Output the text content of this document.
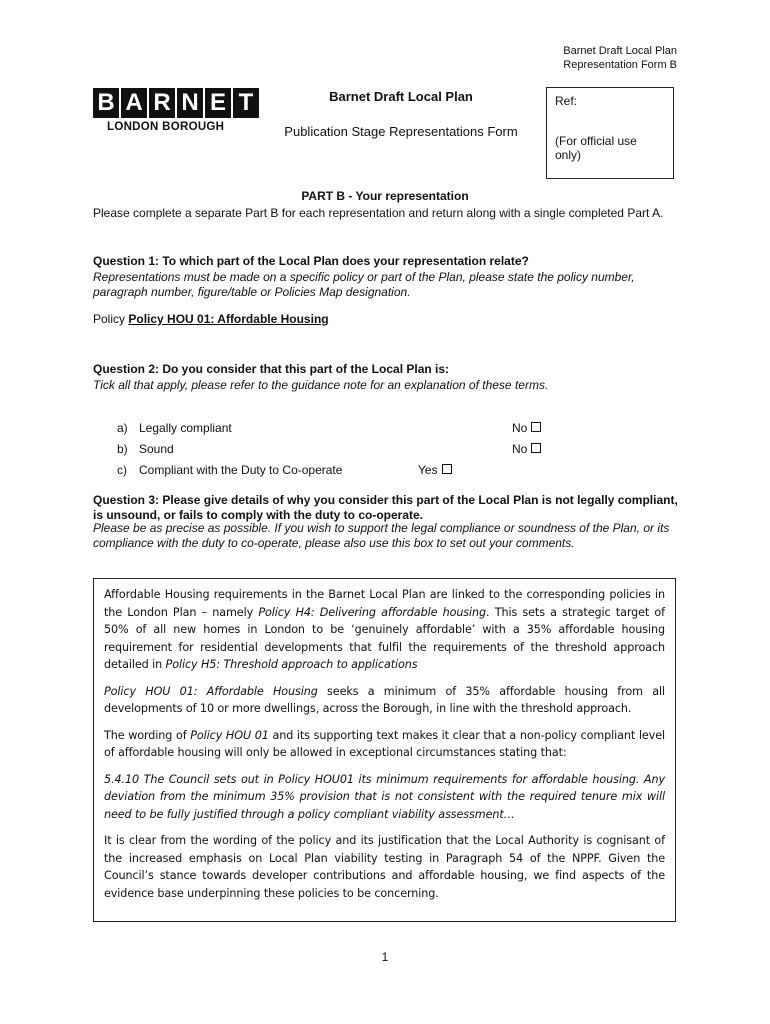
Barnet Draft Local Plan
Representation Form B
B A R N E T
LONDON BOROUGH
Barnet Draft Local Plan
Publication Stage Representations Form
Ref:
(For official use only)
PART B - Your representation
Please complete a separate Part B for each representation and return along with a single completed Part A.
Question 1: To which part of the Local Plan does your representation relate?
Representations must be made on a specific policy or part of the Plan, please state the policy number, paragraph number, figure/table or Policies Map designation.
Policy Policy HOU 01: Affordable Housing
Question 2: Do you consider that this part of the Local Plan is:
Tick all that apply, please refer to the guidance note for an explanation of these terms.
a) Legally compliant	No
b) Sound	No
c) Compliant with the Duty to Co-operate	Yes
Question 3: Please give details of why you consider this part of the Local Plan is not legally compliant, is unsound, or fails to comply with the duty to co-operate.
Please be as precise as possible. If you wish to support the legal compliance or soundness of the Plan, or its compliance with the duty to co-operate, please also use this box to set out your comments.

Affordable Housing requirements in the Barnet Local Plan are linked to the corresponding policies in the London Plan – namely Policy H4: Delivering affordable housing. This sets a strategic target of 50% of all new homes in London to be ‘genuinely affordable’ with a 35% affordable housing requirement for residential developments that fulfil the requirements of the threshold approach detailed in Policy H5: Threshold approach to applications

Policy HOU 01: Affordable Housing seeks a minimum of 35% affordable housing from all developments of 10 or more dwellings, across the Borough, in line with the threshold approach.

The wording of Policy HOU 01 and its supporting text makes it clear that a non-policy compliant level of affordable housing will only be allowed in exceptional circumstances stating that:

5.4.10 The Council sets out in Policy HOU01 its minimum requirements for affordable housing. Any deviation from the minimum 35% provision that is not consistent with the required tenure mix will need to be fully justified through a policy compliant viability assessment…

It is clear from the wording of the policy and its justification that the Local Authority is cognisant of the increased emphasis on Local Plan viability testing in Paragraph 54 of the NPPF. Given the Council’s stance towards developer contributions and affordable housing, we find aspects of the evidence base underpinning these policies to be concerning.

1
